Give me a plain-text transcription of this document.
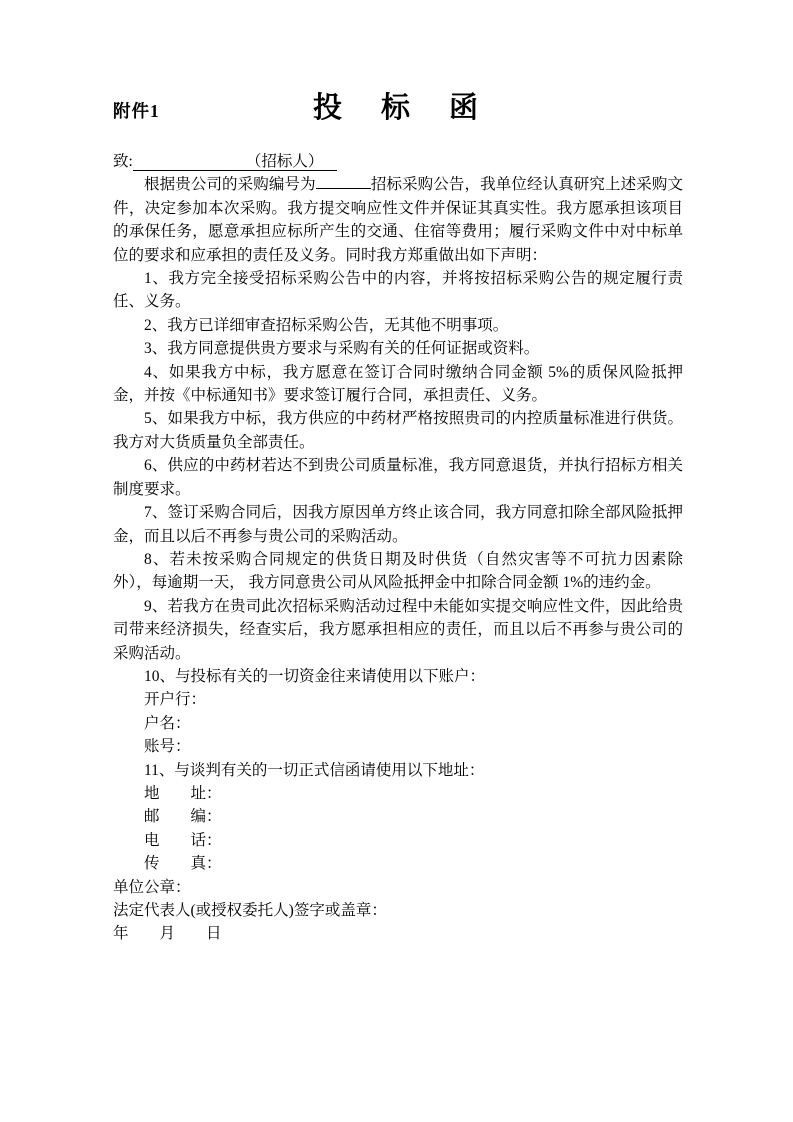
附件1	投　标　函

致:	（招标人）

根据贵公司的采购编号为	招标采购公告，我单位经认真研究上述采购文件，决定参加本次采购。我方提交响应性文件并保证其真实性。我方愿承担该项目的承保任务，愿意承担应标所产生的交通、住宿等费用；履行采购文件中对中标单位的要求和应承担的责任及义务。同时我方郑重做出如下声明：

1、我方完全接受招标采购公告中的内容，并将按招标采购公告的规定履行责任、义务。

2、我方已详细审查招标采购公告，无其他不明事项。

3、我方同意提供贵方要求与采购有关的任何证据或资料。

4、如果我方中标，我方愿意在签订合同时缴纳合同金额 5%的质保风险抵押金，并按《中标通知书》要求签订履行合同，承担责任、义务。

5、如果我方中标，我方供应的中药材严格按照贵司的内控质量标准进行供货。我方对大货质量负全部责任。

6、供应的中药材若达不到贵公司质量标准，我方同意退货，并执行招标方相关制度要求。

7、签订采购合同后，因我方原因单方终止该合同，我方同意扣除全部风险抵押金，而且以后不再参与贵公司的采购活动。

8、若未按采购合同规定的供货日期及时供货（自然灾害等不可抗力因素除外），每逾期一天， 我方同意贵公司从风险抵押金中扣除合同金额 1%的违约金。

9、若我方在贵司此次招标采购活动过程中未能如实提交响应性文件，因此给贵司带来经济损失，经查实后，我方愿承担相应的责任，而且以后不再参与贵公司的采购活动。

10、与投标有关的一切资金往来请使用以下账户：

开户行：

户名：

账号：

11、与谈判有关的一切正式信函请使用以下地址：

地　　址：

邮　　编：

电　　话：

传　　真：

单位公章：

法定代表人(或授权委托人)签字或盖章：

年　　月　　日
